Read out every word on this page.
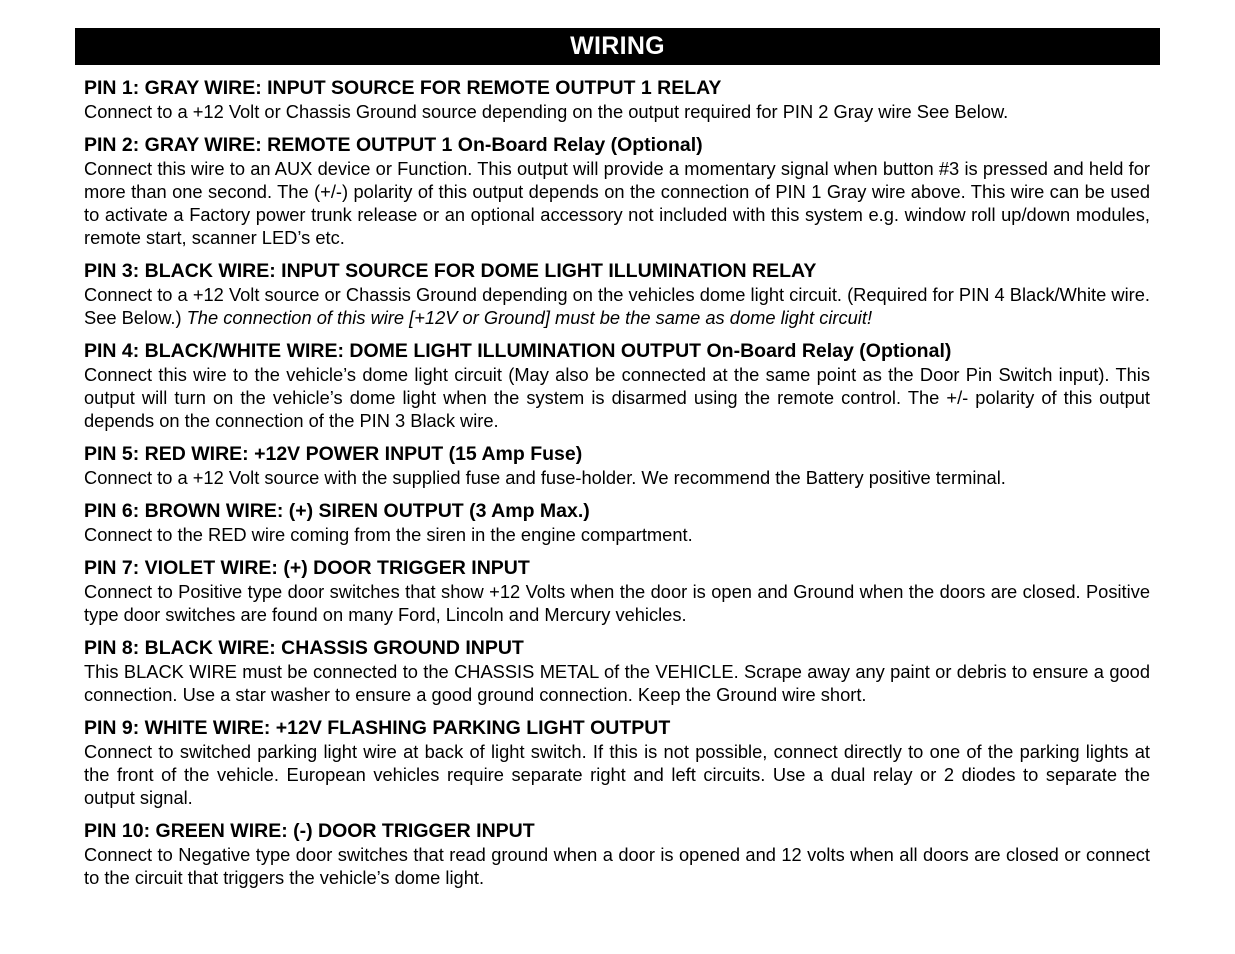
WIRING

PIN 1: GRAY WIRE: INPUT SOURCE FOR REMOTE OUTPUT 1 RELAY

Connect to a +12 Volt or Chassis Ground source depending on the output required for PIN 2 Gray wire See Below.

PIN 2: GRAY WIRE: REMOTE OUTPUT 1 On-Board Relay (Optional)

Connect this wire to an AUX device or Function. This output will provide a momentary signal when button #3 is pressed and held for more than one second. The (+/-) polarity of this output depends on the connection of PIN 1 Gray wire above. This wire can be used to activate a Factory power trunk release or an optional accessory not included with this system e.g. window roll up/down modules, remote start, scanner LED’s etc.

PIN 3: BLACK WIRE: INPUT SOURCE FOR DOME LIGHT ILLUMINATION RELAY

Connect to a +12 Volt source or Chassis Ground depending on the vehicles dome light circuit. (Required for PIN 4 Black/White wire. See Below.) The connection of this wire [+12V or Ground] must be the same as dome light circuit!

PIN 4: BLACK/WHITE WIRE: DOME LIGHT ILLUMINATION OUTPUT On-Board Relay (Optional)

Connect this wire to the vehicle’s dome light circuit (May also be connected at the same point as the Door Pin Switch input). This output will turn on the vehicle’s dome light when the system is disarmed using the remote control. The +/- polarity of this output depends on the connection of the PIN 3 Black wire.

PIN 5: RED WIRE: +12V POWER INPUT (15 Amp Fuse)

Connect to a +12 Volt source with the supplied fuse and fuse-holder. We recommend the Battery positive terminal.

PIN 6: BROWN WIRE: (+) SIREN OUTPUT (3 Amp Max.)

Connect to the RED wire coming from the siren in the engine compartment.

PIN 7: VIOLET WIRE: (+) DOOR TRIGGER INPUT

Connect to Positive type door switches that show +12 Volts when the door is open and Ground when the doors are closed. Positive type door switches are found on many Ford, Lincoln and Mercury vehicles.

PIN 8: BLACK WIRE: CHASSIS GROUND INPUT

This BLACK WIRE must be connected to the CHASSIS METAL of the VEHICLE. Scrape away any paint or debris to ensure a good connection. Use a star washer to ensure a good ground connection. Keep the Ground wire short.

PIN 9: WHITE WIRE: +12V FLASHING PARKING LIGHT OUTPUT

Connect to switched parking light wire at back of light switch. If this is not possible, connect directly to one of the parking lights at the front of the vehicle. European vehicles require separate right and left circuits. Use a dual relay or 2 diodes to separate the output signal.

PIN 10: GREEN WIRE: (-) DOOR TRIGGER INPUT

Connect to Negative type door switches that read ground when a door is opened and 12 volts when all doors are closed or connect to the circuit that triggers the vehicle’s dome light.
